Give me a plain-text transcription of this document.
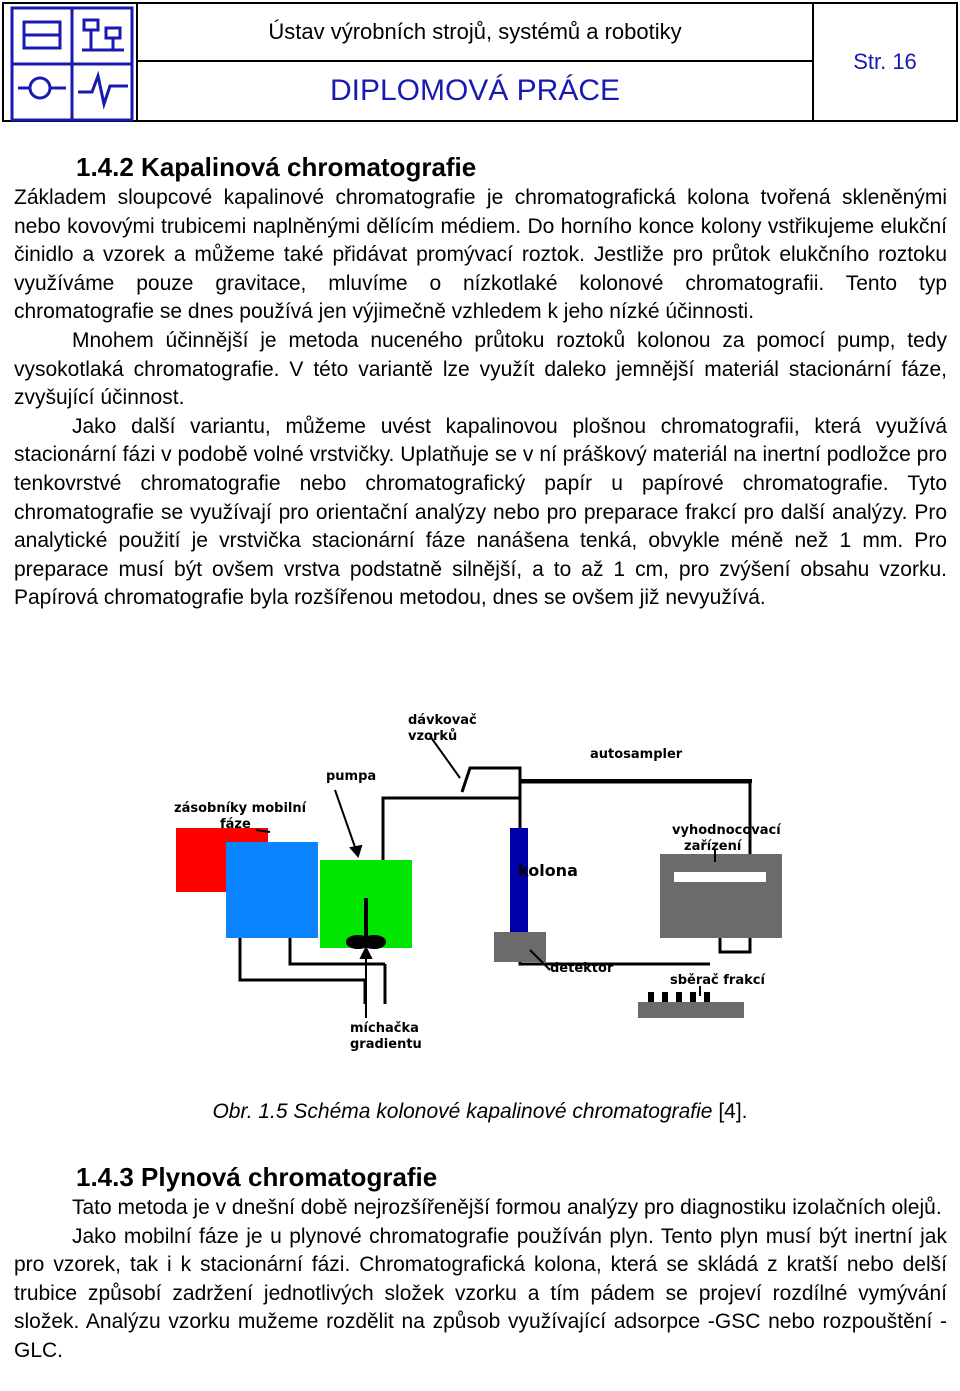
Ústav výrobních strojů, systémů a robotiky
DIPLOMOVÁ PRÁCE
Str. 16
1.4.2 Kapalinová chromatografie

Základem sloupcové kapalinové chromatografie je chromatografická kolona tvořená skleněnými nebo kovovými trubicemi naplněnými dělícím médiem. Do horního konce kolony vstřikujeme elukční činidlo a vzorek a můžeme také přidávat promývací roztok. Jestliže pro průtok elukčního roztoku využíváme pouze gravitace, mluvíme o nízkotlaké kolonové chromatografii. Tento typ chromatografie se dnes používá jen výjimečně vzhledem k jeho nízké účinnosti.

Mnohem účinnější je metoda nuceného průtoku roztoků kolonou za pomocí pump, tedy vysokotlaká chromatografie. V této variantě lze využít daleko jemnější materiál stacionární fáze, zvyšující účinnost.

Jako další variantu, můžeme uvést kapalinovou plošnou chromatografii, která využívá stacionární fázi v podobě volné vrstvičky. Uplatňuje se v ní práškový materiál na inertní podložce pro tenkovrstvé chromatografie nebo chromatografický papír u papírové chromatografie. Tyto chromatografie se využívají pro orientační analýzy nebo pro preparace frakcí pro další analýzy. Pro analytické použití je vrstvička stacionární fáze nanášena tenká, obvykle méně než 1 mm. Pro preparace musí být ovšem vrstva podstatně silnější, a to až 1 cm, pro zvýšení obsahu vzorku. Papírová chromatografie byla rozšířenou metodou, dnes se ovšem již nevyužívá.

dávkovač
vzorků
autosampler
pumpa
zásobníky mobilní
fáze
kolona
vyhodnocovací
zařízení
detektor
sběrač frakcí
míchačka
gradientu
Obr. 1.5 Schéma kolonové kapalinové chromatografie [4].
1.4.3 Plynová chromatografie

Tato metoda je v dnešní době nejrozšířenější formou analýzy pro diagnostiku izolačních olejů.

Jako mobilní fáze je u plynové chromatografie používán plyn. Tento plyn musí být inertní jak pro vzorek, tak i k stacionární fázi. Chromatografická kolona, která se skládá z kratší nebo delší trubice způsobí zadržení jednotlivých složek vzorku a tím pádem se projeví rozdílné vymývání složek. Analýzu vzorku mužeme rozdělit na způsob využívající adsorpce -GSC nebo rozpouštění - GLC.
